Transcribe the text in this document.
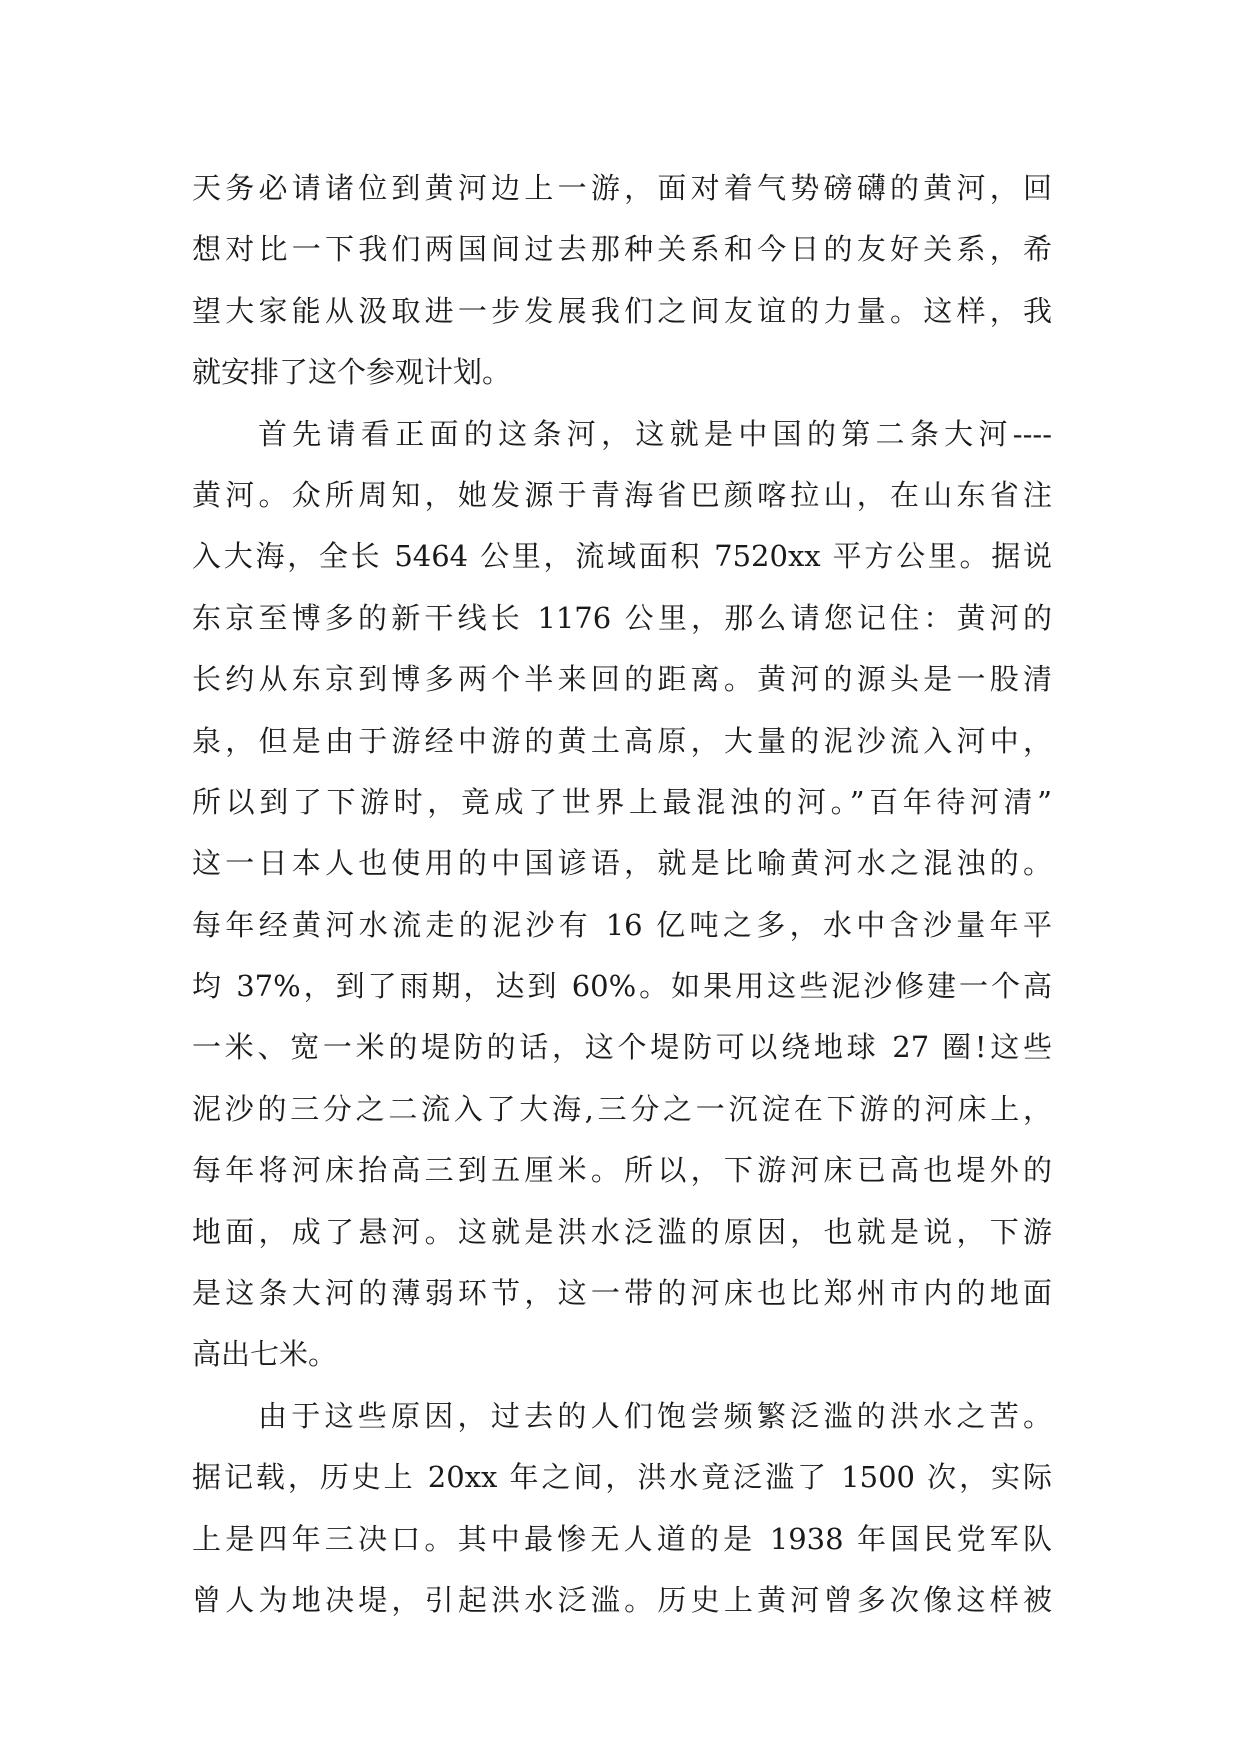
天务必请诸位到黄河边上一游，面对着气势磅礴的黄河，回
想对比一下我们两国间过去那种关系和今日的友好关系，希
望大家能从汲取进一步发展我们之间友谊的力量。这样，我
就安排了这个参观计划。
首先请看正面的这条河，这就是中国的第二条大河----
黄河。众所周知，她发源于青海省巴颜喀拉山，在山东省注
入大海，全长 5464 公里，流域面积 7520xx 平方公里。据说
东京至博多的新干线长 1176 公里，那么请您记住：黄河的
长约从东京到博多两个半来回的距离。黄河的源头是一股清
泉，但是由于游经中游的黄土高原，大量的泥沙流入河中，
所以到了下游时，竟成了世界上最混浊的河。”百年待河清”
这一日本人也使用的中国谚语，就是比喻黄河水之混浊的。
每年经黄河水流走的泥沙有 16 亿吨之多，水中含沙量年平
均 37%，到了雨期，达到 60%。如果用这些泥沙修建一个高
一米、宽一米的堤防的话，这个堤防可以绕地球 27 圈!这些
泥沙的三分之二流入了大海,三分之一沉淀在下游的河床上，
每年将河床抬高三到五厘米。所以，下游河床已高也堤外的
地面，成了悬河。这就是洪水泛滥的原因，也就是说，下游
是这条大河的薄弱环节，这一带的河床也比郑州市内的地面
高出七米。
由于这些原因，过去的人们饱尝频繁泛滥的洪水之苦。
据记载，历史上 20xx 年之间，洪水竟泛滥了 1500 次，实际
上是四年三决口。其中最惨无人道的是 1938 年国民党军队
曾人为地决堤，引起洪水泛滥。历史上黄河曾多次像这样被
